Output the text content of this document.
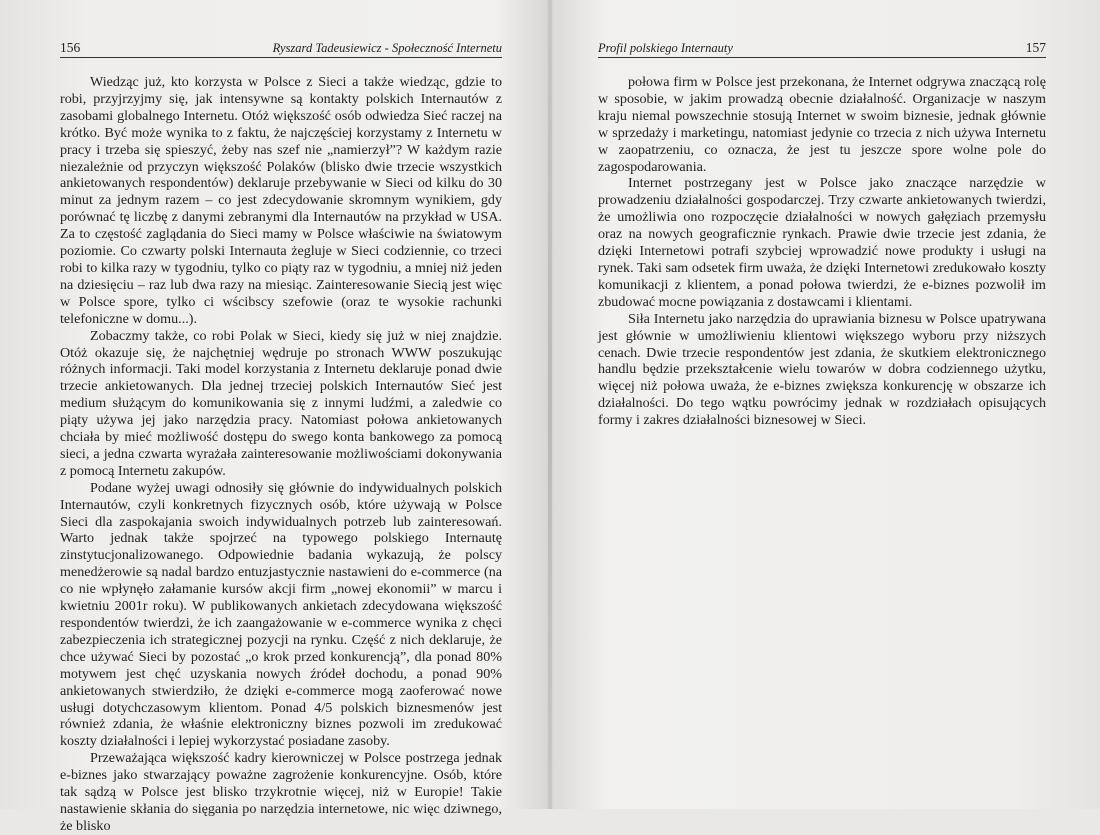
156	Ryszard Tadeusiewicz - Społeczność Internetu

Wiedząc już, kto korzysta w Polsce z Sieci a także wiedząc, gdzie to robi, przyjrzyjmy się, jak intensywne są kontakty polskich Internautów z zasobami globalnego Internetu. Otóż większość osób odwiedza Sieć raczej na krótko. Być może wynika to z faktu, że najczęściej korzystamy z Internetu w pracy i trzeba się spieszyć, żeby nas szef nie „namierzył”? W każdym razie niezależnie od przyczyn większość Polaków (blisko dwie trzecie wszystkich ankietowanych respondentów) deklaruje przebywanie w Sieci od kilku do 30 minut za jednym razem – co jest zdecydowanie skromnym wynikiem, gdy porównać tę liczbę z danymi zebranymi dla Internautów na przykład w USA. Za to częstość zaglądania do Sieci mamy w Polsce właściwie na światowym poziomie. Co czwarty polski Internauta żegluje w Sieci codziennie, co trzeci robi to kilka razy w tygodniu, tylko co piąty raz w tygodniu, a mniej niż jeden na dziesięciu – raz lub dwa razy na miesiąc. Zainteresowanie Siecią jest więc w Polsce spore, tylko ci wścibscy szefowie (oraz te wysokie rachunki telefoniczne w domu...).

Zobaczmy także, co robi Polak w Sieci, kiedy się już w niej znajdzie. Otóż okazuje się, że najchętniej wędruje po stronach WWW poszukując różnych informacji. Taki model korzystania z Internetu deklaruje ponad dwie trzecie ankietowanych. Dla jednej trzeciej polskich Internautów Sieć jest medium służącym do komunikowania się z innymi ludźmi, a zaledwie co piąty używa jej jako narzędzia pracy. Natomiast połowa ankietowanych chciała by mieć możliwość dostępu do swego konta bankowego za pomocą sieci, a jedna czwarta wyrażała zainteresowanie możliwościami dokonywania z pomocą Internetu zakupów.

Podane wyżej uwagi odnosiły się głównie do indywidualnych polskich Internautów, czyli konkretnych fizycznych osób, które używają w Polsce Sieci dla zaspokajania swoich indywidualnych potrzeb lub zainteresowań. Warto jednak także spojrzeć na typowego polskiego Internautę zinstytucjonalizowanego. Odpowiednie badania wykazują, że polscy menedżerowie są nadal bardzo entuzjastycznie nastawieni do e-commerce (na co nie wpłynęło załamanie kursów akcji firm „nowej ekonomii” w marcu i kwietniu 2001r roku). W publikowanych ankietach zdecydowana większość respondentów twierdzi, że ich zaangażowanie w e-commerce wynika z chęci zabezpieczenia ich strategicznej pozycji na rynku. Część z nich deklaruje, że chce używać Sieci by pozostać „o krok przed konkurencją”, dla ponad 80% motywem jest chęć uzyskania nowych źródeł dochodu, a ponad 90% ankietowanych stwierdziło, że dzięki e-commerce mogą zaoferować nowe usługi dotychczasowym klientom. Ponad 4/5 polskich biznesmenów jest również zdania, że właśnie elektroniczny biznes pozwoli im zredukować koszty działalności i lepiej wykorzystać posiadane zasoby.

Przeważająca większość kadry kierowniczej w Polsce postrzega jednak e-biznes jako stwarzający poważne zagrożenie konkurencyjne. Osób, które tak sądzą w Polsce jest blisko trzykrotnie więcej, niż w Europie! Takie nastawienie skłania do sięgania po narzędzia internetowe, nic więc dziwnego, że blisko

Profil polskiego Internauty	157

połowa firm w Polsce jest przekonana, że Internet odgrywa znaczącą rolę w sposobie, w jakim prowadzą obecnie działalność. Organizacje w naszym kraju niemal powszechnie stosują Internet w swoim biznesie, jednak głównie w sprzedaży i marketingu, natomiast jedynie co trzecia z nich używa Internetu w zaopatrzeniu, co oznacza, że jest tu jeszcze spore wolne pole do zagospodarowania.

Internet postrzegany jest w Polsce jako znaczące narzędzie w prowadzeniu działalności gospodarczej. Trzy czwarte ankietowanych twierdzi, że umożliwia ono rozpoczęcie działalności w nowych gałęziach przemysłu oraz na nowych geograficznie rynkach. Prawie dwie trzecie jest zdania, że dzięki Internetowi potrafi szybciej wprowadzić nowe produkty i usługi na rynek. Taki sam odsetek firm uważa, że dzięki Internetowi zredukowało koszty komunikacji z klientem, a ponad połowa twierdzi, że e-biznes pozwolił im zbudować mocne powiązania z dostawcami i klientami.

Siła Internetu jako narzędzia do uprawiania biznesu w Polsce upatrywana jest głównie w umożliwieniu klientowi większego wyboru przy niższych cenach. Dwie trzecie respondentów jest zdania, że skutkiem elektronicznego handlu będzie przekształcenie wielu towarów w dobra codziennego użytku, więcej niż połowa uważa, że e-biznes zwiększa konkurencję w obszarze ich działalności. Do tego wątku powrócimy jednak w rozdziałach opisujących formy i zakres działalności biznesowej w Sieci.
